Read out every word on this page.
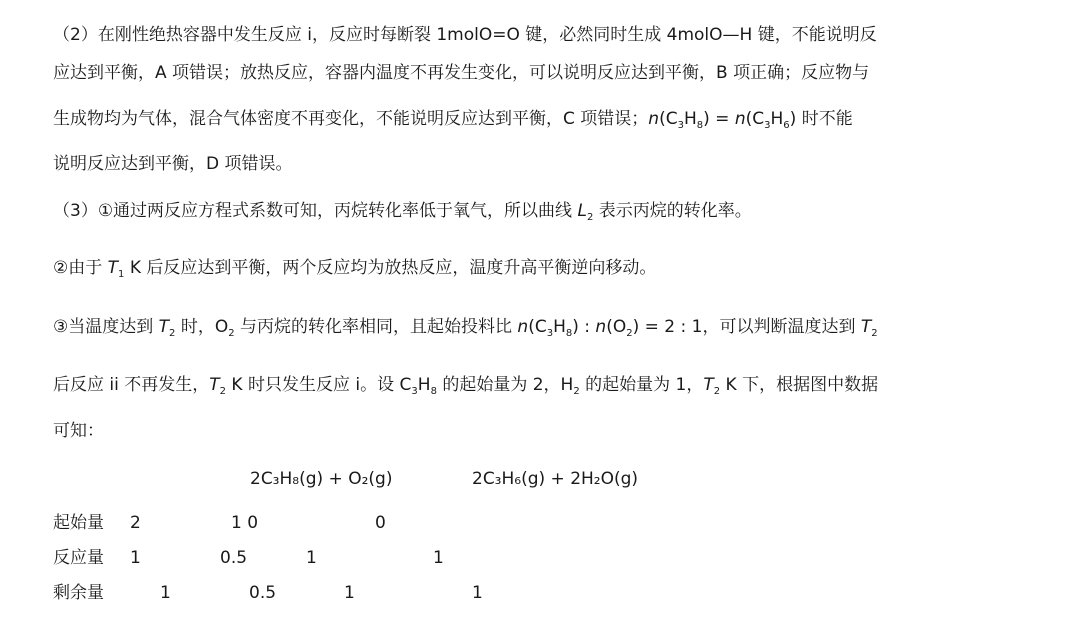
（2）在刚性绝热容器中发生反应 i，反应时每断裂 1molO=O 键，必然同时生成 4molO—H 键，不能说明反
应达到平衡，A 项错误；放热反应，容器内温度不再发生变化，可以说明反应达到平衡，B 项正确；反应物与
生成物均为气体，混合气体密度不再变化，不能说明反应达到平衡，C 项错误；$n(C_3H_8) = n(C_3H_6)$ 时不能
说明反应达到平衡，D 项错误。
（3）①通过两反应方程式系数可知，丙烷转化率低于氧气，所以曲线 $L_2$ 表示丙烷的转化率。
②由于 $T_1$ K 后反应达到平衡，两个反应均为放热反应，温度升高平衡逆向移动。
③当温度达到 $T_2$ 时，$O_2$ 与丙烷的转化率相同，且起始投料比 $n(C_3H_8)$ : $n(O_2) = 2$ : 1，可以判断温度达到 $T_2$
后反应 ii 不再发生，$T_2$ K 时只发生反应 i。设 $C_3H_8$ 的起始量为 2，$H_2$ 的起始量为 1，$T_2$ K 下，根据图中数据
可知：
2C₃H₈(g) + O₂(g)	2C₃H₆(g) + 2H₂O(g)
起始量 2	1 0	0
反应量 1	0.5	1	1
剩余量	1	0.5	1	1
